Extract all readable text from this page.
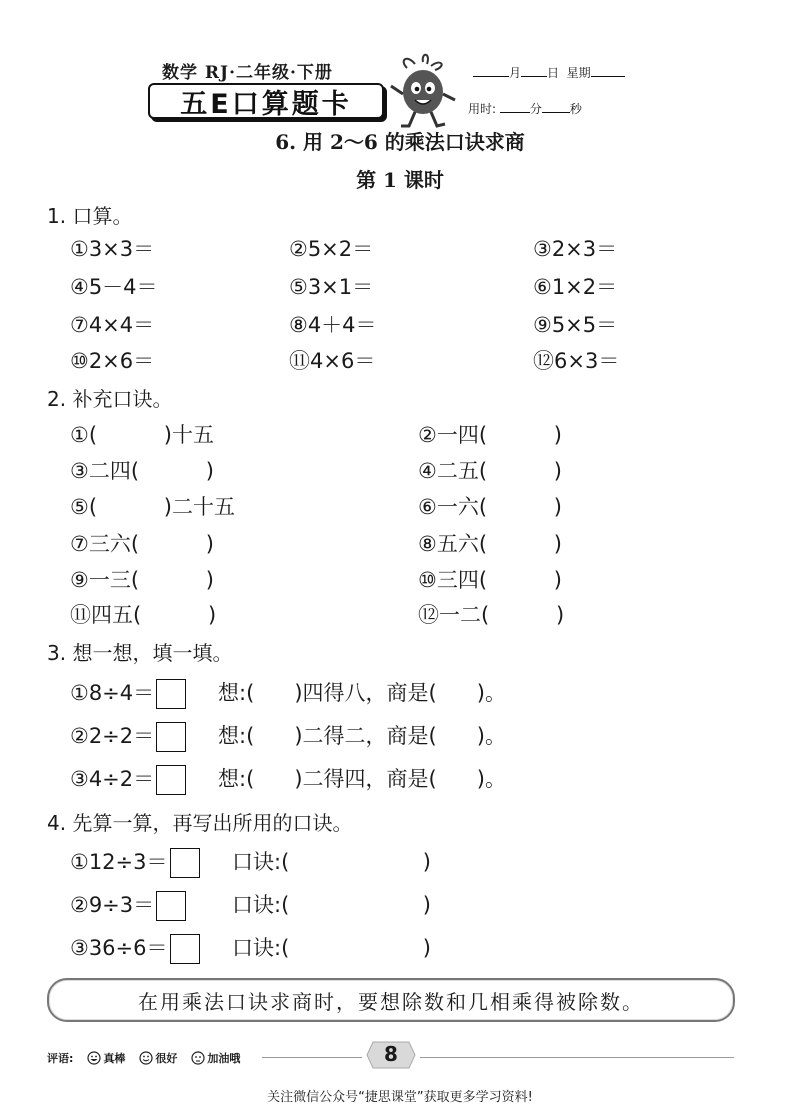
数学 RJ·二年级·下册
五E口算题卡
月 日 星期
用时:	分 秒
6. 用 2～6 的乘法口诀求商
第 1 课时
1. 口算。
①3×3＝	②5×2＝	③2×3＝
④5－4＝	⑤3×1＝	⑥1×2＝
⑦4×4＝	⑧4＋4＝	⑨5×5＝
⑩2×6＝	⑪4×6＝	⑫6×3＝
2. 补充口诀。
①(          )十五	②一四(          )
③二四(          )	④二五(          )
⑤(          )二十五	⑥一六(          )
⑦三六(          )	⑧五六(          )
⑨一三(          )	⑩三四(          )
⑪四五(          )	⑫一二(          )
3. 想一想，填一填。
①8÷4＝	想:(      )四得八，商是(      )。
②2÷2＝	想:(      )二得二，商是(      )。
③4÷2＝	想:(      )二得四，商是(      )。
4. 先算一算，再写出所用的口诀。
①12÷3＝	口诀:(                    )
②9÷3＝	口诀:(                    )
③36÷6＝	口诀:(                    )
在用乘法口诀求商时，要想除数和几相乘得被除数。
评语:	真棒	很好	加油哦	8
关注微信公众号“捷思课堂”获取更多学习资料!
